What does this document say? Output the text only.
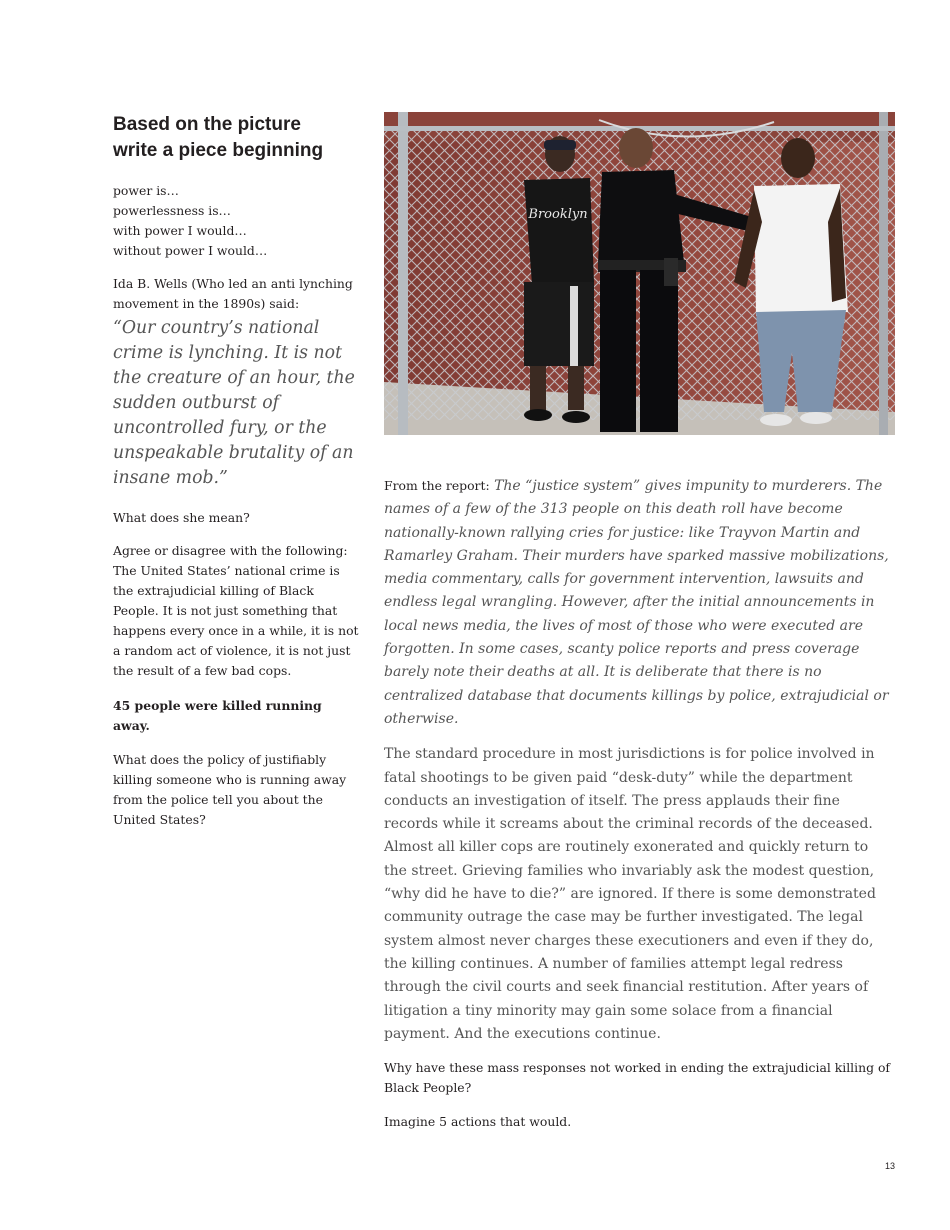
Based on the picture
write a piece beginning
power is…
powerlessness is…
with power I would…
without power I would…

Ida B. Wells (Who led an anti lynching movement in the 1890s) said:

“Our country’s national crime is lynching. It is not the creature of an hour, the sudden outburst of uncontrolled fury, or the unspeakable brutality of an insane mob.”

What does she mean?

Agree or disagree with the following:
The United States’ national crime is the extrajudicial killing of Black People. It is not just something that happens every once in a while, it is not a random act of violence, it is not just the result of a few bad cops.

45 people were killed running away.

What does the policy of justifiably killing someone who is running away from the police tell you about the United States?

Brooklyn

From the report: The “justice system” gives impunity to murderers. The names of a few of the 313 people on this death roll have become nationally-known rallying cries for justice: like Trayvon Martin and Ramarley Graham. Their murders have sparked massive mobilizations, media commentary, calls for government intervention, lawsuits and endless legal wrangling. However, after the initial announcements in local news media, the lives of most of those who were executed are forgotten. In some cases, scanty police reports and press coverage barely note their deaths at all. It is deliberate that there is no centralized database that documents killings by police, extrajudicial or otherwise.

The standard procedure in most jurisdictions is for police involved in fatal shootings to be given paid “desk-duty” while the department conducts an investigation of itself. The press applauds their fine records while it screams about the criminal records of the deceased. Almost all killer cops are routinely exonerated and quickly return to the street. Grieving families who invariably ask the modest question, “why did he have to die?” are ignored. If there is some demonstrated community outrage the case may be further investigated. The legal system almost never charges these executioners and even if they do, the killing continues. A number of families attempt legal redress through the civil courts and seek financial restitution. After years of litigation a tiny minority may gain some solace from a financial payment. And the executions continue.

Why have these mass responses not worked in ending the extrajudicial killing of Black People?

Imagine 5 actions that would.

13
